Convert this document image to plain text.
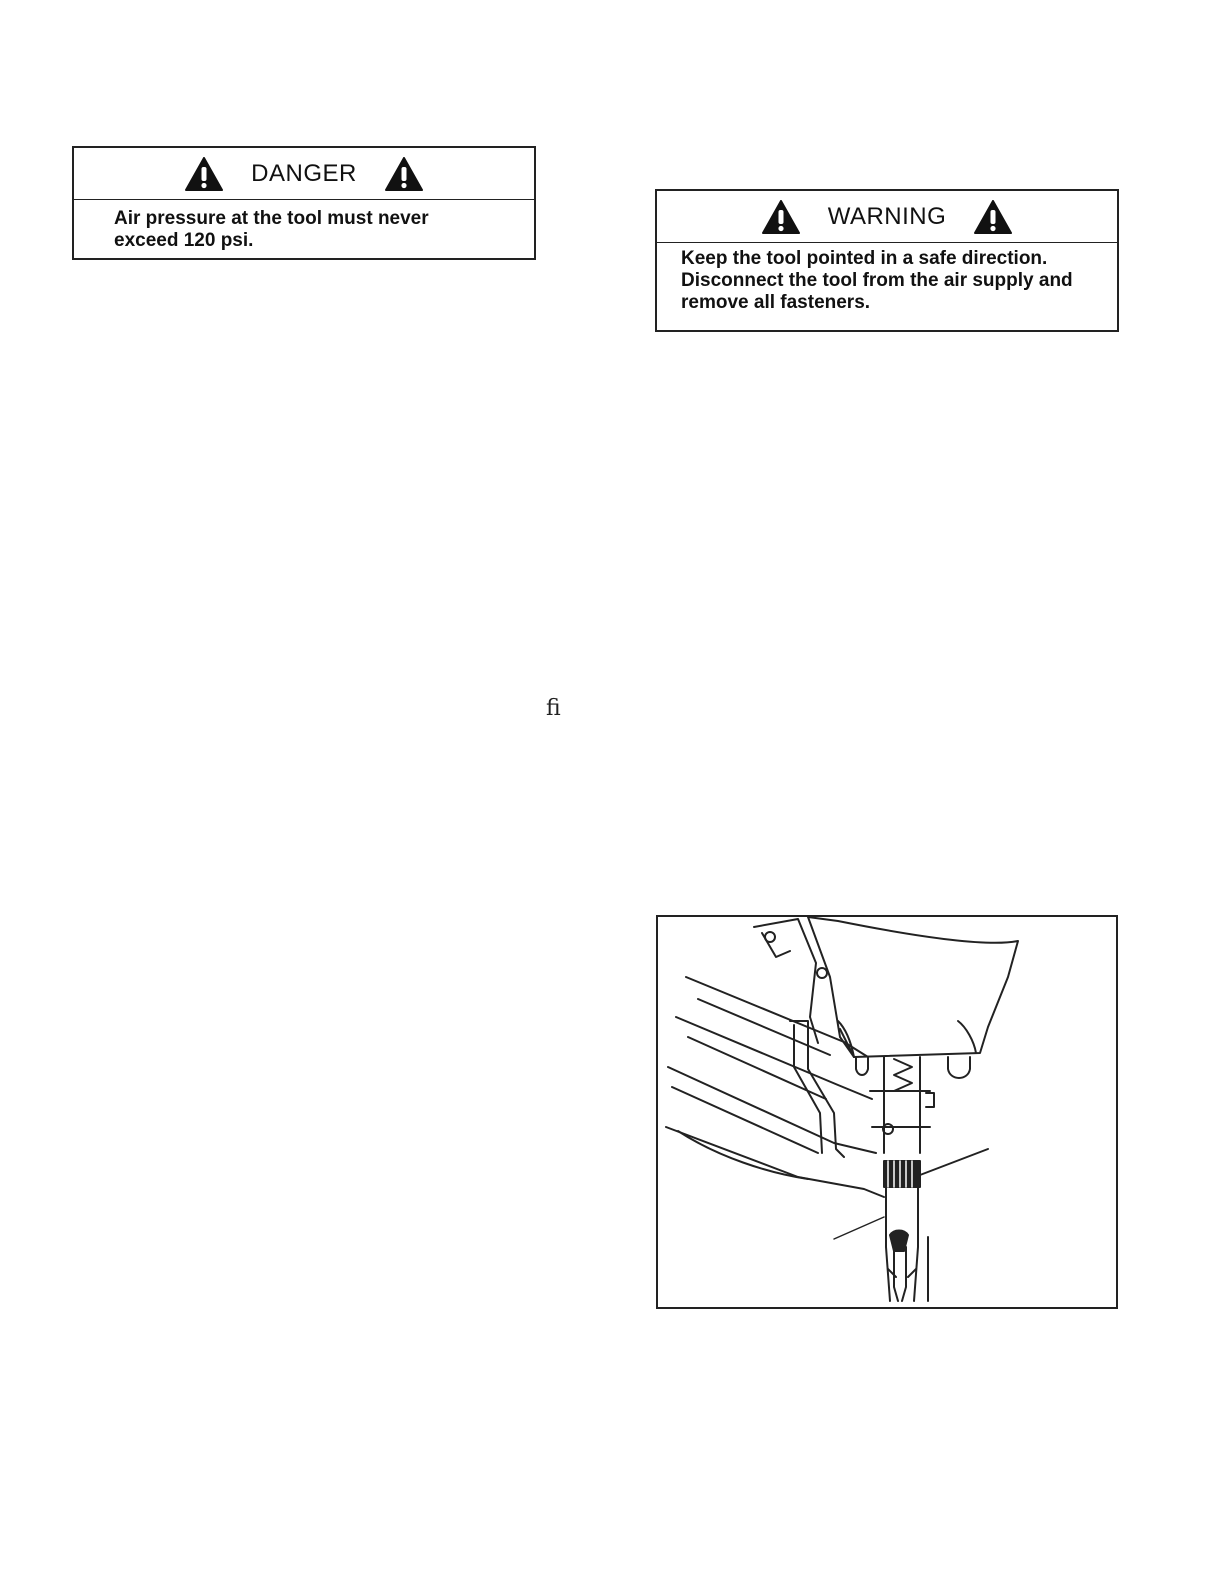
DANGER
Air pressure at the tool must never
exceed 120 psi.
WARNING
Keep the tool pointed in a safe direction.
Disconnect the tool from the air supply and
remove all fasteners.
ﬁ
